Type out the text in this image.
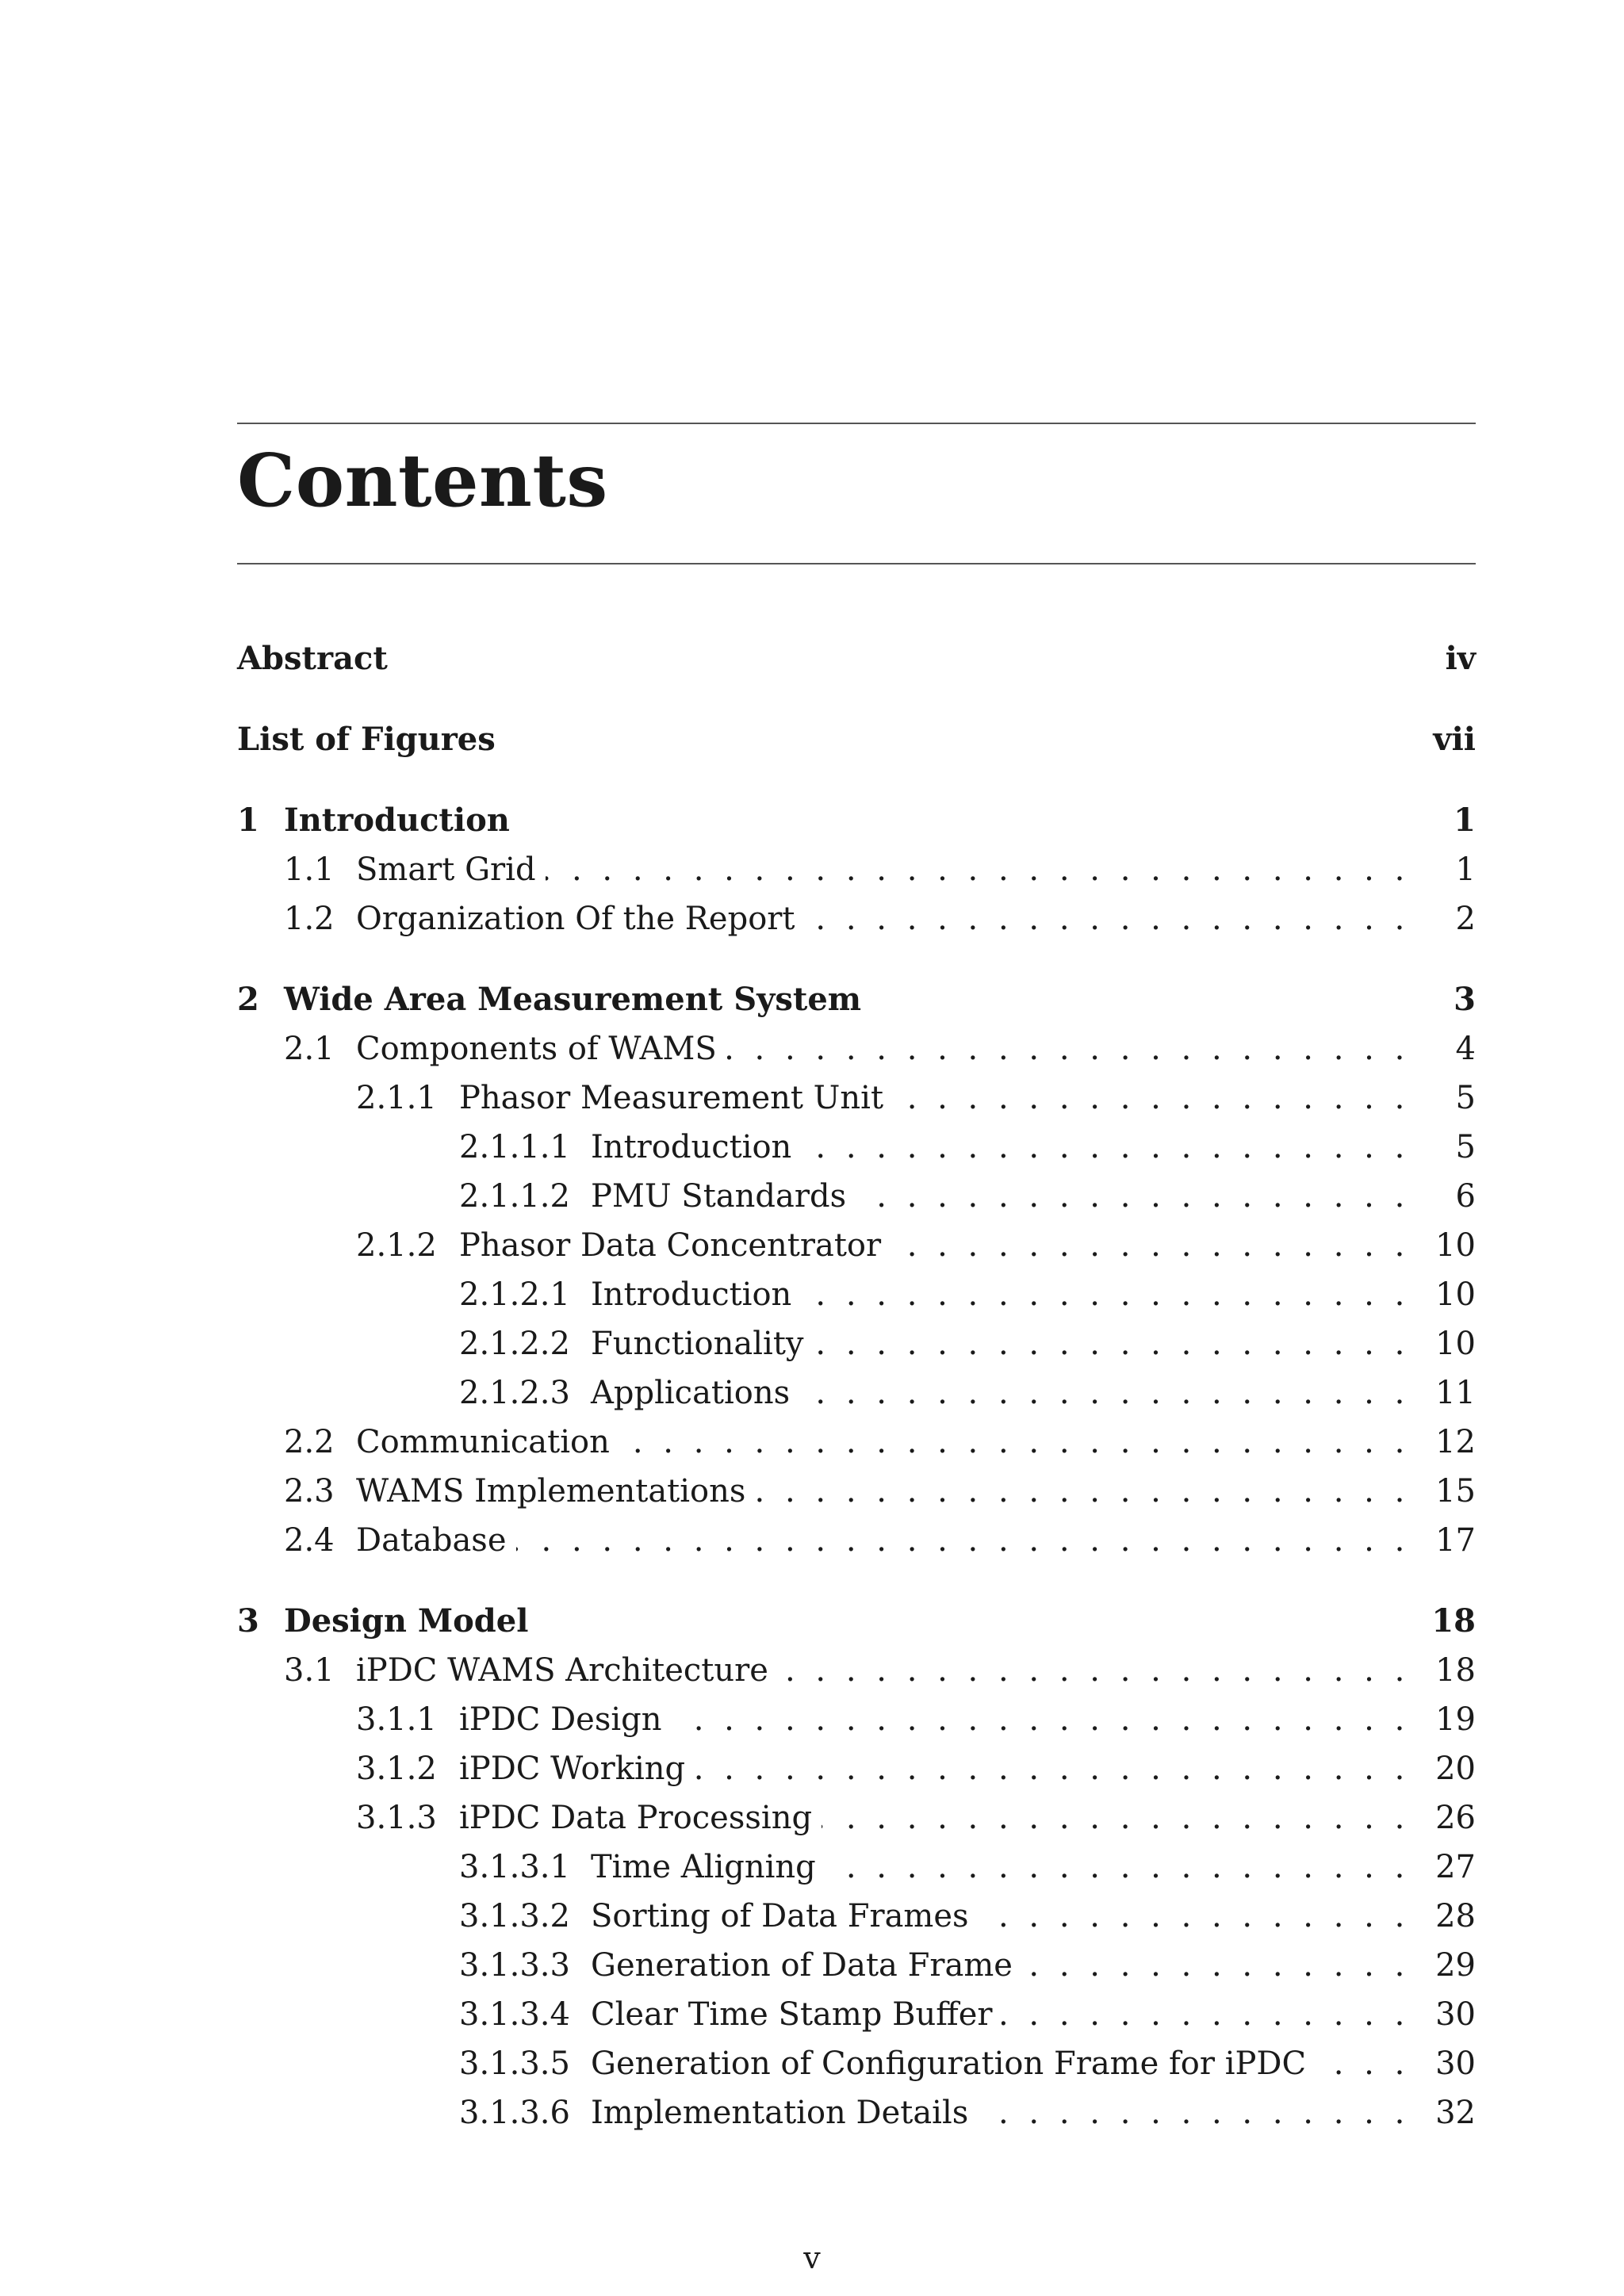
Contents
Abstract	iv
List of Figures	vii
1 Introduction	1
1.1 . . . Smart Grid	1
1.2 . . . Organization Of the Report	2
2 Wide Area Measurement System	3
2.1 . . . Components of WAMS	4
2.1.1 . . . Phasor Measurement Unit	5
2.1.1.1 . . . Introduction	5
2.1.1.2 . . . PMU Standards	6
2.1.2 . . . Phasor Data Concentrator	10
2.1.2.1 . . . Introduction	10
2.1.2.2 . . . Functionality	10
2.1.2.3 . . . Applications	11
2.2 . . . Communication	12
2.3 . . . WAMS Implementations	15
2.4 . . . Database	17
3 Design Model	18
3.1 . . . iPDC WAMS Architecture	18
3.1.1 . . . iPDC Design	19
3.1.2 . . . iPDC Working	20
3.1.3 . . . iPDC Data Processing	26
3.1.3.1 . . . Time Aligning	27
3.1.3.2 . . . Sorting of Data Frames	28
3.1.3.3 . . . Generation of Data Frame	29
3.1.3.4 . . . Clear Time Stamp Buffer	30
3.1.3.5 . . . Generation of Configuration Frame for iPDC	30
3.1.3.6 . . . Implementation Details	32
v
